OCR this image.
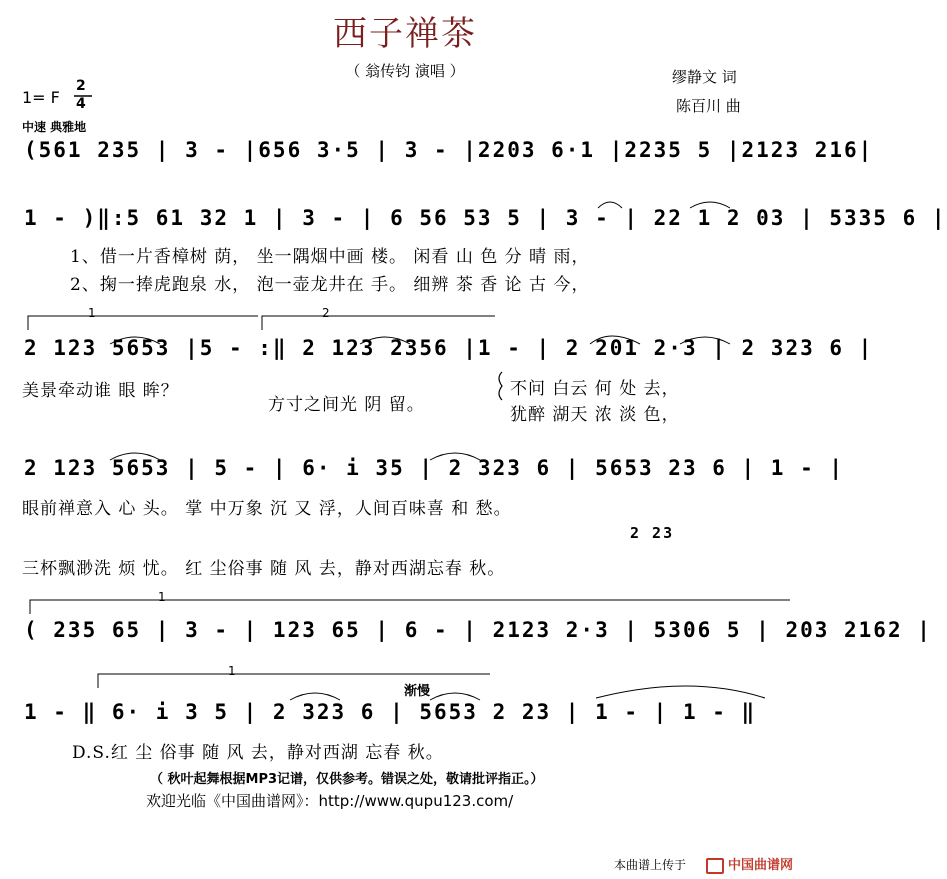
西子禅茶
（ 翁传钧 演唱 ）	缪静文 词
陈百川 曲
1= F
2
4
中速 典雅地
(561 235 | 3 - |656 3·5 | 3 - |2203 6·1 |2235 5 |2123 216|
1 - )‖:5 61 32 1 | 3 - | 6 56 53 5 | 3 - | 22 1 2 03 | 5335 6 |
1、借一片香樟树 荫， 坐一隅烟中画 楼。 闲看 山 色 分 晴 雨，
2、掬一捧虎跑泉 水， 泡一壶龙井在 手。 细辨 茶 香 论 古 今，
1	2
2 123 5653 |5 - :‖ 2 123 2356 |1 - | 2 201 2·3 | 2 323 6 |
美景牵动谁 眼 眸？
方寸之间光 阴 留。
不问 白云 何 处 去，
犹醉 湖天 浓 淡 色，
2 123 5653 | 5 - | 6· i 35 | 2 323 6 | 5653 23 6 | 1 - |
眼前禅意入 心 头。 掌 中万象 沉 又 浮，人间百味喜 和 愁。
2 23
三杯飘渺洗 烦 忧。 红 尘俗事 随 风 去，静对西湖忘春 秋。
1
( 235 65 | 3 - | 123 65 | 6 - | 2123 2·3 | 5306 5 | 203 2162 |
1
渐慢
1 - ‖ 6· i 3 5 | 2 323 6 | 5653 2 23 | 1 - | 1 - ‖
D.S.红 尘 俗事 随 风 去，静对西湖 忘春 秋。
（ 秋叶起舞根据MP3记谱，仅供参考。错误之处，敬请批评指正。）
欢迎光临《中国曲谱网》：http://www.qupu123.com/
本曲谱上传于	中国曲谱网
